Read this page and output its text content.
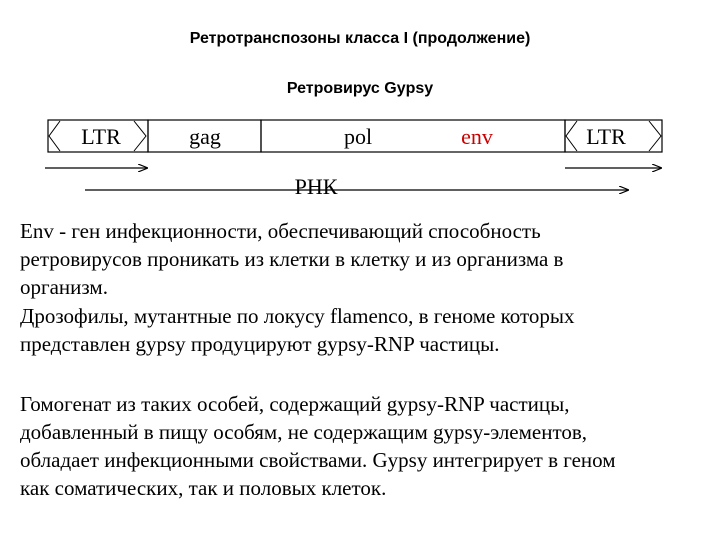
Ретротранспозоны класса I (продолжение)
Ретровирус Gypsy
LTR	gag	pol	env	LTR
РНК
Env - ген инфекционности, обеспечивающий способность
ретровирусов проникать из клетки в клетку и из организма в
организм.
Дрозофилы, мутантные по локусу flamenco, в геноме которых
представлен gypsy продуцируют gypsy-RNP частицы.
Гомогенат из таких особей, содержащий gypsy-RNP частицы,
добавленный в пищу особям, не содержащим gypsy-элементов,
обладает инфекционными свойствами. Gypsy интегрирует в геном
как соматических, так и половых клеток.
